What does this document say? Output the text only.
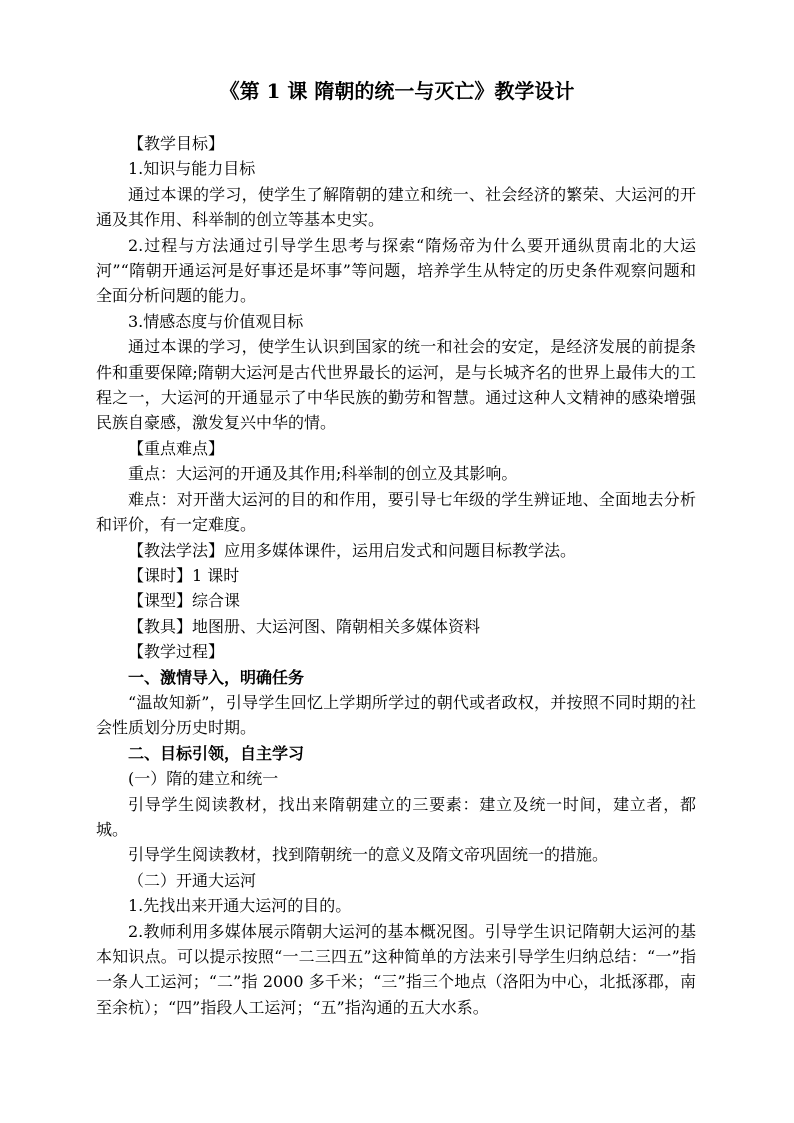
《第 1 课 隋朝的统一与灭亡》教学设计

【教学目标】

1.知识与能力目标

通过本课的学习，使学生了解隋朝的建立和统一、社会经济的繁荣、大运河的开通及其作用、科举制的创立等基本史实。

2.过程与方法通过引导学生思考与探索“隋炀帝为什么要开通纵贯南北的大运河”“隋朝开通运河是好事还是坏事”等问题，培养学生从特定的历史条件观察问题和全面分析问题的能力。

3.情感态度与价值观目标

通过本课的学习，使学生认识到国家的统一和社会的安定，是经济发展的前提条件和重要保障;隋朝大运河是古代世界最长的运河，是与长城齐名的世界上最伟大的工程之一，大运河的开通显示了中华民族的勤劳和智慧。通过这种人文精神的感染增强民族自豪感，激发复兴中华的情。

【重点难点】

重点：大运河的开通及其作用;科举制的创立及其影响。

难点：对开凿大运河的目的和作用，要引导七年级的学生辨证地、全面地去分析和评价，有一定难度。

【教法学法】应用多媒体课件，运用启发式和问题目标教学法。

【课时】1 课时

【课型】综合课

【教具】地图册、大运河图、隋朝相关多媒体资料

【教学过程】

一、激情导入，明确任务

“温故知新”，引导学生回忆上学期所学过的朝代或者政权，并按照不同时期的社会性质划分历史时期。

二、目标引领，自主学习

(一）隋的建立和统一

引导学生阅读教材，找出来隋朝建立的三要素：建立及统一时间，建立者，都城。

引导学生阅读教材，找到隋朝统一的意义及隋文帝巩固统一的措施。

（二）开通大运河

1.先找出来开通大运河的目的。

2.教师利用多媒体展示隋朝大运河的基本概况图。引导学生识记隋朝大运河的基本知识点。可以提示按照“一二三四五”这种简单的方法来引导学生归纳总结：“一”指一条人工运河；“二”指 2000 多千米；“三”指三个地点（洛阳为中心，北抵涿郡，南至余杭）；“四”指段人工运河；“五”指沟通的五大水系。
